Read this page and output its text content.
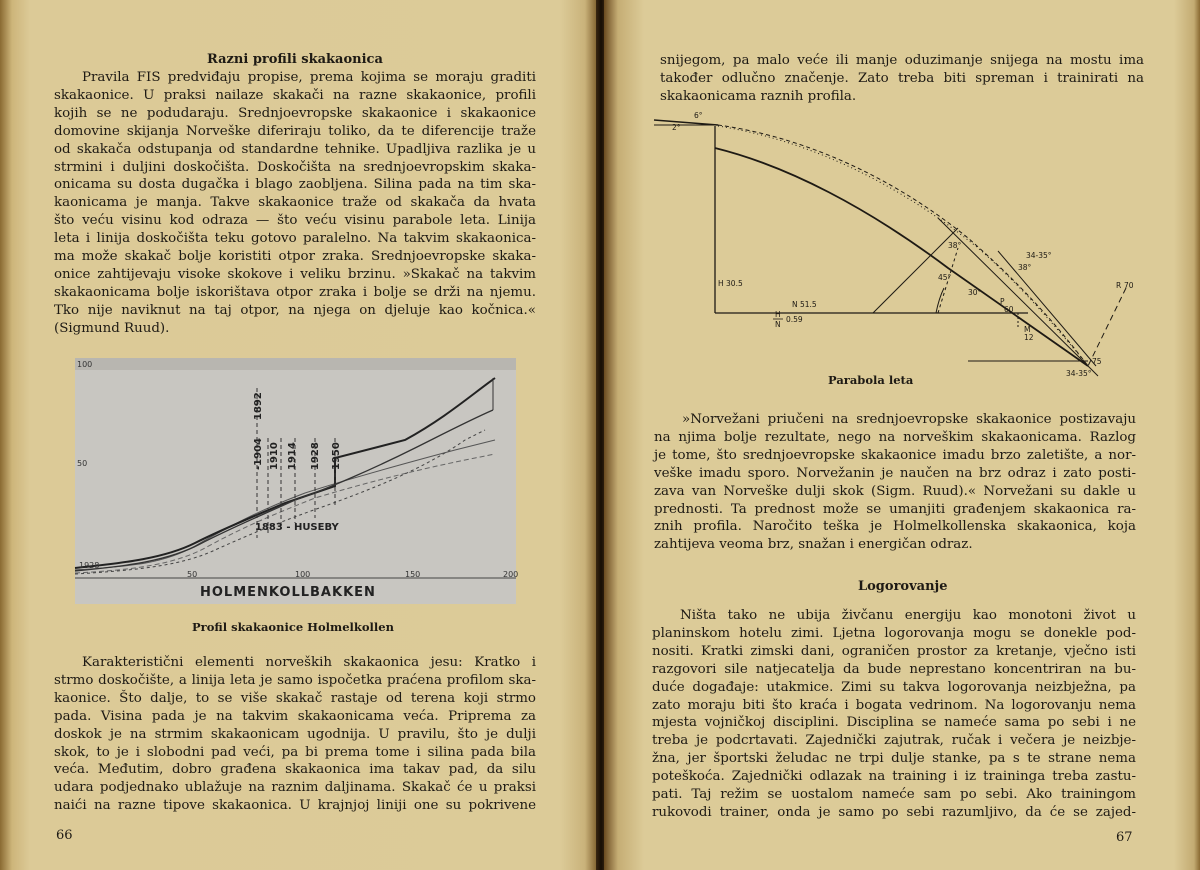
Razni profili skakaonica
Pravila FIS predviđaju propise, prema kojima se moraju graditi
skakaonice. U praksi nailaze skakači na razne skakaonice, profili
kojih se ne podudaraju. Srednjoevropske skakaonice i skakaonice
domovine skijanja Norveške diferiraju toliko, da te diferencije traže
od skakača odstupanja od standardne tehnike. Upadljiva razlika je u
strmini i duljini doskočišta. Doskočišta na srednjoevropskim skaka-
onicama su dosta dugačka i blago zaobljena. Silina pada na tim ska-
kaonicama je manja. Takve skakaonice traže od skakača da hvata
što veću visinu kod odraza — što veću visinu parabole leta. Linija
leta i linija doskočišta teku gotovo paralelno. Na takvim skakaonica-
ma može skakač bolje koristiti otpor zraka. Srednjoevropske skaka-
onice zahtijevaju visoke skokove i veliku brzinu. »Skakač na takvim
skakaonicama bolje iskorištava otpor zraka i bolje se drži na njemu.
Tko nije naviknut na taj otpor, na njega on djeluje kao kočnica.«
(Sigmund Ruud).
1892
-1904 1910 1914 1928 1950
1883 - HUSEBY
100
50
1928
50	100	150	200
HOLMENKOLLBAKKEN
Profil skakaonice Holmelkollen
Karakteristični elementi norveških skakaonica jesu: Kratko i
strmo doskočište, a linija leta je samo ispočetka praćena profilom ska-
kaonice. Što dalje, to se više skakač rastaje od terena koji strmo
pada. Visina pada je na takvim skakaonicama veća. Priprema za
doskok je na strmim skakaonicam ugodnija. U pravilu, što je dulji
skok, to je i slobodni pad veći, pa bi prema tome i silina pada bila
veća. Međutim, dobro građena skakaonica ima takav pad, da silu
udara podjednako ublažuje na raznim daljinama. Skakač će u praksi
naići na razne tipove skakaonica. U krajnjoj liniji one su pokrivene
66
snijegom, pa malo veće ili manje oduzimanje snijega na mostu ima
također odlučno značenje. Zato treba biti spreman i trainirati na
skakaonicama raznih profila.
6°
2°
H 30.5
N 51.5
H
N
0.59
P
60
M
12
R 70
38°
45°
30°
34-35°
38°
75
34-35°
Parabola leta
»Norvežani priučeni na srednjoevropske skakaonice postizavaju
na njima bolje rezultate, nego na norveškim skakaonicama. Razlog
je tome, što srednjoevropske skakaonice imadu brzo zaletište, a nor-
veške imadu sporo. Norvežanin je naučen na brz odraz i zato posti-
zava van Norveške dulji skok (Sigm. Ruud).« Norvežani su dakle u
prednosti. Ta prednost može se umanjiti građenjem skakaonica ra-
znih profila. Naročito teška je Holmelkollenska skakaonica, koja
zahtijeva veoma brz, snažan i energičan odraz.
Logorovanje
Ništa tako ne ubija živčanu energiju kao monotoni život u
planinskom hotelu zimi. Ljetna logorovanja mogu se donekle pod-
nositi. Kratki zimski dani, ograničen prostor za kretanje, vječno isti
razgovori sile natjecatelja da bude neprestano koncentriran na bu-
duće događaje: utakmice. Zimi su takva logorovanja neizbježna, pa
zato moraju biti što kraća i bogata vedrinom. Na logorovanju nema
mjesta vojničkoj disciplini. Disciplina se nameće sama po sebi i ne
treba je podcrtavati. Zajednički zajutrak, ručak i večera je neizbje-
žna, jer športski želudac ne trpi dulje stanke, pa s te strane nema
poteškoća. Zajednički odlazak na training i iz traininga treba zastu-
pati. Taj režim se uostalom nameće sam po sebi. Ako trainingom
rukovodi trainer, onda je samo po sebi razumljivo, da će se zajed-
67
